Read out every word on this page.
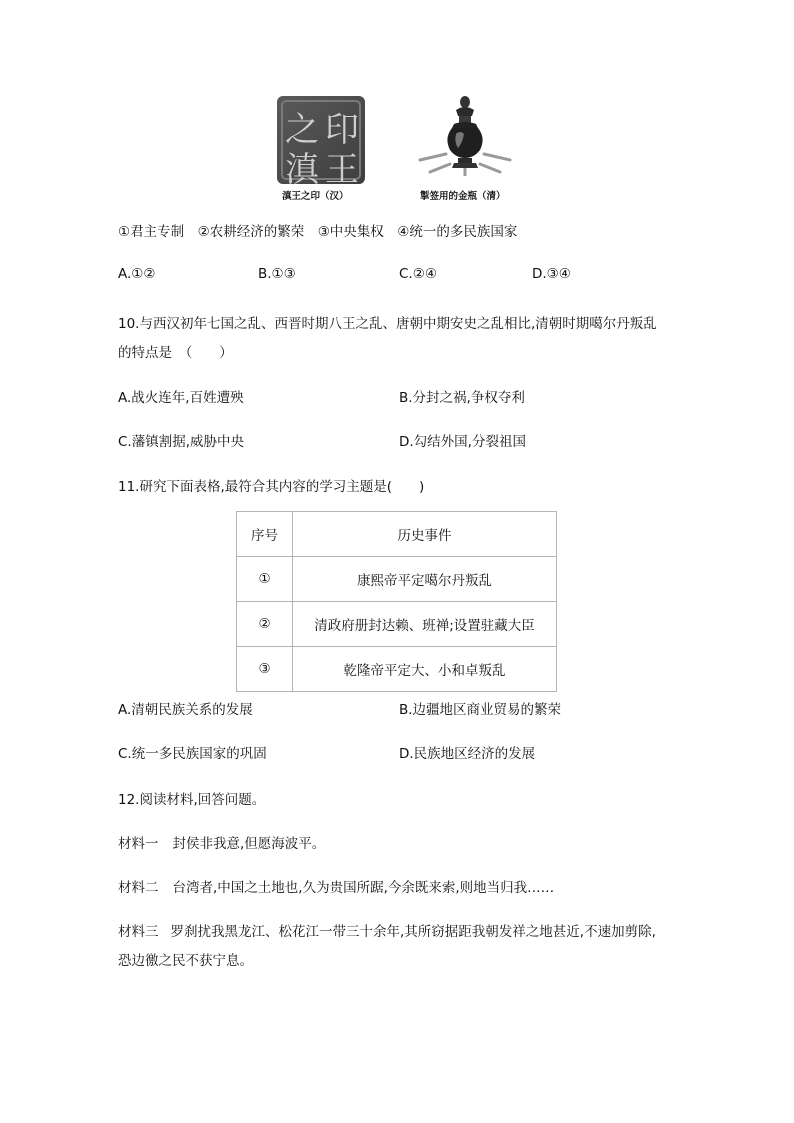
印
之
王
滇
滇王之印（汉）	掣签用的金瓶（清）
①君主专制　②农耕经济的繁荣　③中央集权　④统一的多民族国家
A.①②	B.①③	C.②④	D.③④
10.与西汉初年七国之乱、西晋时期八王之乱、唐朝中期安史之乱相比,清朝时期噶尔丹叛乱
的特点是　（　　）
A.战火连年,百姓遭殃	B.分封之祸,争权夺利
C.藩镇割据,威胁中央	D.勾结外国,分裂祖国
11.研究下面表格,最符合其内容的学习主题是(　　)
序号	历史事件
①	康熙帝平定噶尔丹叛乱
②	清政府册封达赖、班禅;设置驻藏大臣
③	乾隆帝平定大、小和卓叛乱
A.清朝民族关系的发展	B.边疆地区商业贸易的繁荣
C.统一多民族国家的巩固	D.民族地区经济的发展
12.阅读材料,回答问题。
材料一 封侯非我意,但愿海波平。
材料二 台湾者,中国之土地也,久为贵国所踞,今余既来索,则地当归我……
材料三 罗刹扰我黑龙江、松花江一带三十余年,其所窃据距我朝发祥之地甚近,不速加剪除,
恐边徼之民不获宁息。
